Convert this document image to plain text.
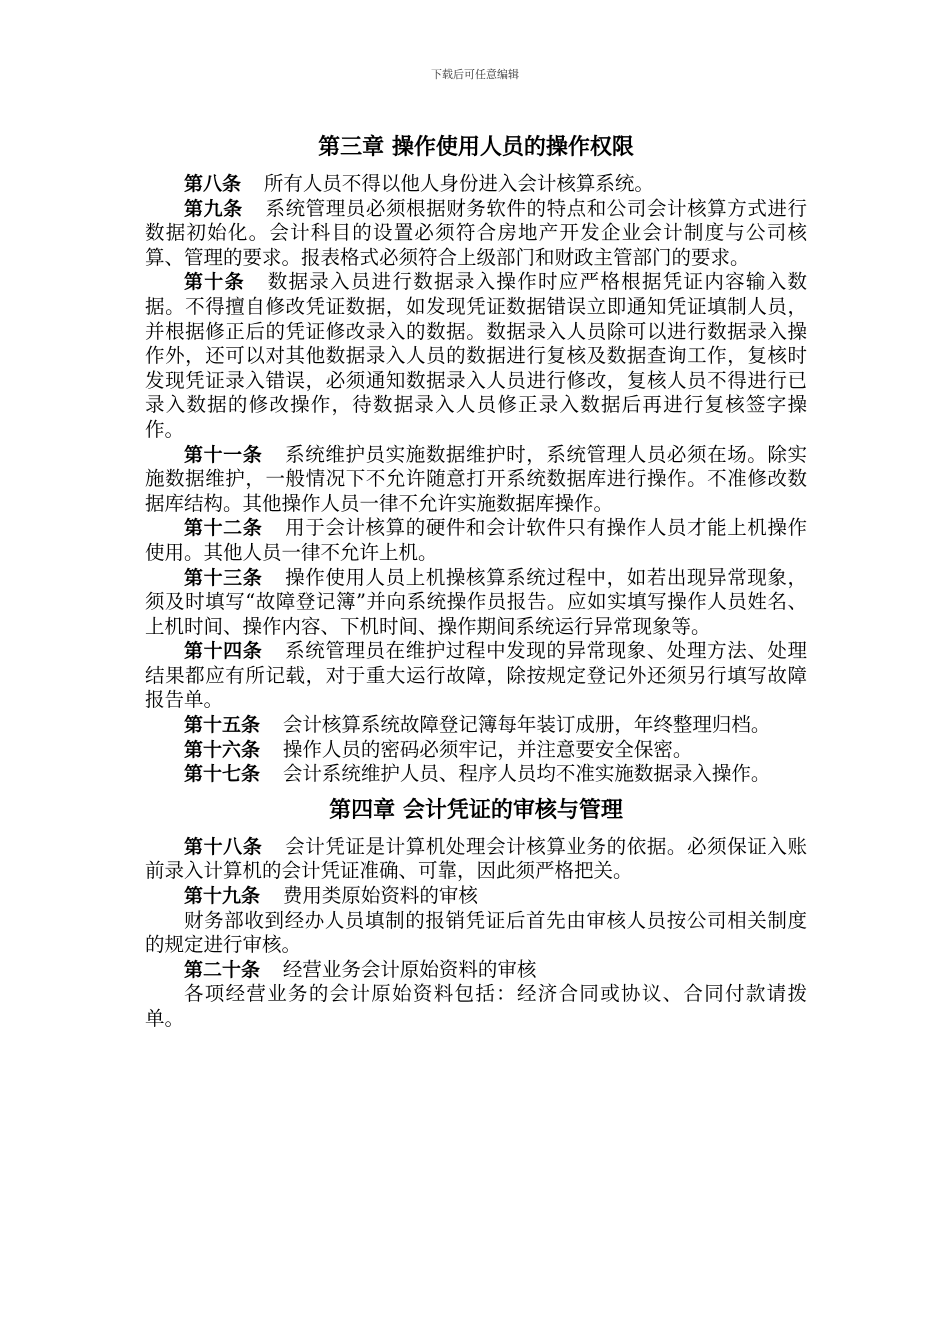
下载后可任意编辑
第三章 操作使用人员的操作权限

第八条 所有人员不得以他人身份进入会计核算系统。

第九条 系统管理员必须根据财务软件的特点和公司会计核算方式进行数据初始化。会计科目的设置必须符合房地产开发企业会计制度与公司核算、管理的要求。报表格式必须符合上级部门和财政主管部门的要求。

第十条 数据录入员进行数据录入操作时应严格根据凭证内容输入数据。不得擅自修改凭证数据，如发现凭证数据错误立即通知凭证填制人员，并根据修正后的凭证修改录入的数据。数据录入人员除可以进行数据录入操作外，还可以对其他数据录入人员的数据进行复核及数据查询工作，复核时发现凭证录入错误，必须通知数据录入人员进行修改，复核人员不得进行已录入数据的修改操作，待数据录入人员修正录入数据后再进行复核签字操作。

第十一条 系统维护员实施数据维护时，系统管理人员必须在场。除实施数据维护，一般情况下不允许随意打开系统数据库进行操作。不准修改数据库结构。其他操作人员一律不允许实施数据库操作。

第十二条 用于会计核算的硬件和会计软件只有操作人员才能上机操作使用。其他人员一律不允许上机。

第十三条 操作使用人员上机操核算系统过程中，如若出现异常现象，须及时填写“故障登记簿”并向系统操作员报告。应如实填写操作人员姓名、上机时间、操作内容、下机时间、操作期间系统运行异常现象等。

第十四条 系统管理员在维护过程中发现的异常现象、处理方法、处理结果都应有所记载，对于重大运行故障，除按规定登记外还须另行填写故障报告单。

第十五条 会计核算系统故障登记簿每年装订成册，年终整理归档。

第十六条 操作人员的密码必须牢记，并注意要安全保密。

第十七条 会计系统维护人员、程序人员均不准实施数据录入操作。

第四章 会计凭证的审核与管理

第十八条 会计凭证是计算机处理会计核算业务的依据。必须保证入账前录入计算机的会计凭证准确、可靠，因此须严格把关。

第十九条 费用类原始资料的审核

财务部收到经办人员填制的报销凭证后首先由审核人员按公司相关制度的规定进行审核。

第二十条 经营业务会计原始资料的审核

各项经营业务的会计原始资料包括：经济合同或协议、合同付款请拨单。
